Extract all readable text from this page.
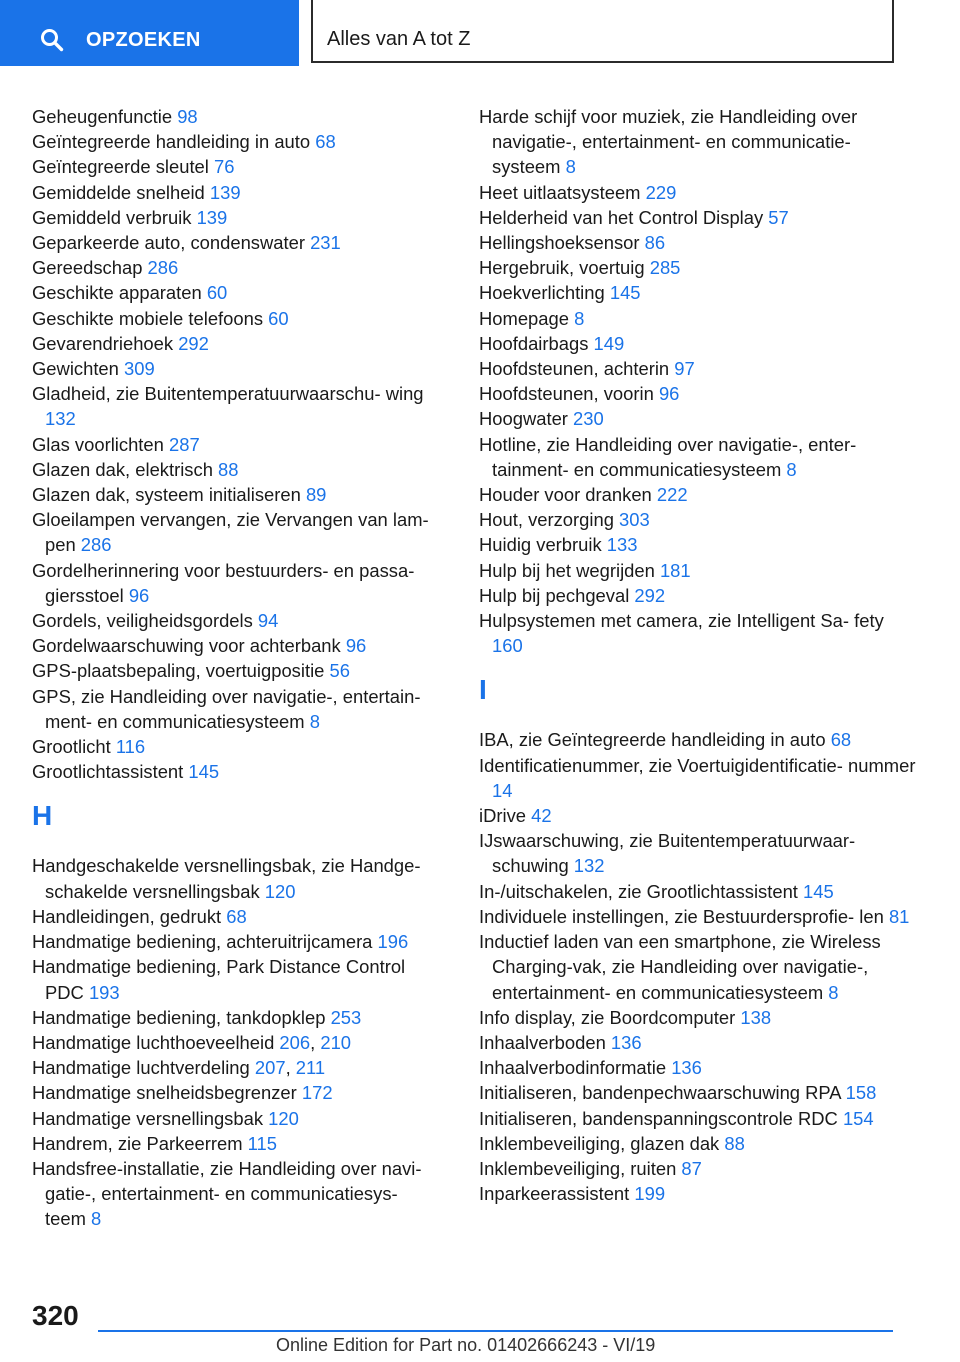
OPZOEKEN	Alles van A tot Z

Geheugenfunctie 98

Geïntegreerde handleiding in auto 68

Geïntegreerde sleutel 76

Gemiddelde snelheid 139

Gemiddeld verbruik 139

Geparkeerde auto, condenswater 231

Gereedschap 286

Geschikte apparaten 60

Geschikte mobiele telefoons 60

Gevarendriehoek 292

Gewichten 309

Gladheid, zie Buitentemperatuurwaarschu- wing 132

Glas voorlichten 287

Glazen dak, elektrisch 88

Glazen dak, systeem initialiseren 89

Gloeilampen vervangen, zie Vervangen van lam- pen 286

Gordelherinnering voor bestuurders- en passa- giersstoel 96

Gordels, veiligheidsgordels 94

Gordelwaarschuwing voor achterbank 96

GPS-plaatsbepaling, voertuigpositie 56

GPS, zie Handleiding over navigatie-, entertain- ment- en communicatiesysteem 8

Grootlicht 116

Grootlichtassistent 145

H

Handgeschakelde versnellingsbak, zie Handge- schakelde versnellingsbak 120

Handleidingen, gedrukt 68

Handmatige bediening, achteruitrijcamera 196

Handmatige bediening, Park Distance Control PDC 193

Handmatige bediening, tankdopklep 253

Handmatige luchthoeveelheid 206, 210

Handmatige luchtverdeling 207, 211

Handmatige snelheidsbegrenzer 172

Handmatige versnellingsbak 120

Handrem, zie Parkeerrem 115

Handsfree-installatie, zie Handleiding over navi- gatie-, entertainment- en communicatiesys- teem 8

Harde schijf voor muziek, zie Handleiding over navigatie-, entertainment- en communicatie- systeem 8

Heet uitlaatsysteem 229

Helderheid van het Control Display 57

Hellingshoeksensor 86

Hergebruik, voertuig 285

Hoekverlichting 145

Homepage 8

Hoofdairbags 149

Hoofdsteunen, achterin 97

Hoofdsteunen, voorin 96

Hoogwater 230

Hotline, zie Handleiding over navigatie-, enter- tainment- en communicatiesysteem 8

Houder voor dranken 222

Hout, verzorging 303

Huidig verbruik 133

Hulp bij het wegrijden 181

Hulp bij pechgeval 292

Hulpsystemen met camera, zie Intelligent Sa- fety 160

I

IBA, zie Geïntegreerde handleiding in auto 68

Identificatienummer, zie Voertuigidentificatie- nummer 14

iDrive 42

IJswaarschuwing, zie Buitentemperatuurwaar- schuwing 132

In-/uitschakelen, zie Grootlichtassistent 145

Individuele instellingen, zie Bestuurdersprofie- len 81

Inductief laden van een smartphone, zie Wireless Charging-vak, zie Handleiding over navigatie-, entertainment- en communicatiesysteem 8

Info display, zie Boordcomputer 138

Inhaalverboden 136

Inhaalverbodinformatie 136

Initialiseren, bandenpechwaarschuwing RPA 158

Initialiseren, bandenspanningscontrole RDC 154

Inklembeveiliging, glazen dak 88

Inklembeveiliging, ruiten 87

Inparkeerassistent 199

320
Online Edition for Part no. 01402666243 - VI/19
